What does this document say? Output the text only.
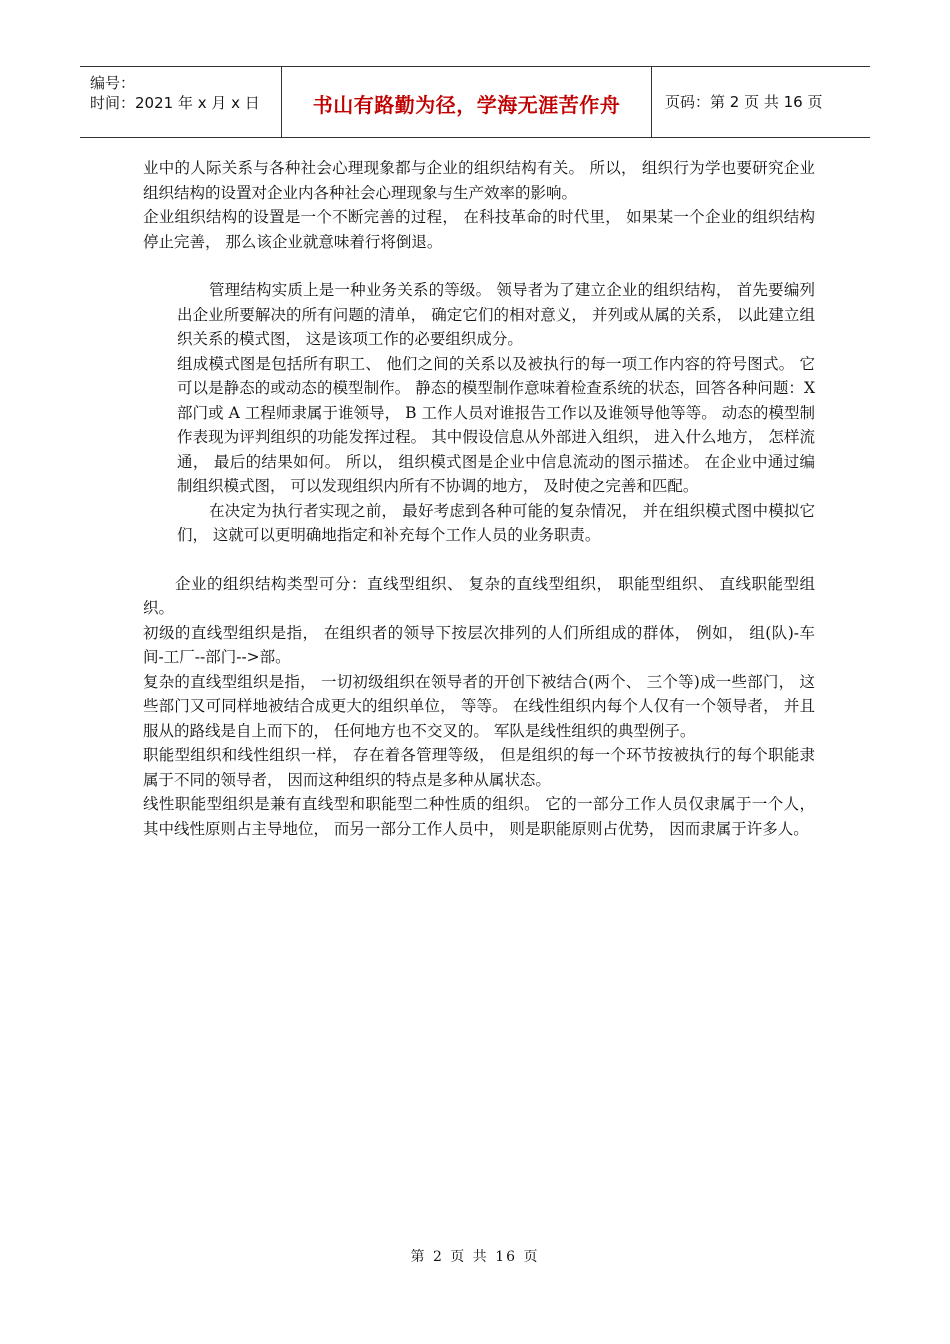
编号：
时间：2021 年 x 月 x 日	书山有路勤为径，学海无涯苦作舟	页码：第 2 页 共 16 页

业中的人际关系与各种社会心理现象都与企业的组织结构有关。 所以， 组织行为学也要研究企业组织结构的设置对企业内各种社会心理现象与生产效率的影响。

企业组织结构的设置是一个不断完善的过程， 在科技革命的时代里， 如果某一个企业的组织结构停止完善， 那么该企业就意味着行将倒退。

管理结构实质上是一种业务关系的等级。 领导者为了建立企业的组织结构， 首先要编列出企业所要解决的所有问题的清单， 确定它们的相对意义， 并列或从属的关系， 以此建立组织关系的模式图， 这是该项工作的必要组织成分。

组成模式图是包括所有职工、 他们之间的关系以及被执行的每一项工作内容的符号图式。 它可以是静态的或动态的模型制作。 静态的模型制作意味着检查系统的状态，回答各种问题：X 部门或 A 工程师隶属于谁领导， B 工作人员对谁报告工作以及谁领导他等等。 动态的模型制作表现为评判组织的功能发挥过程。 其中假设信息从外部进入组织， 进入什么地方， 怎样流通， 最后的结果如何。 所以， 组织模式图是企业中信息流动的图示描述。 在企业中通过编制组织模式图， 可以发现组织内所有不协调的地方， 及时使之完善和匹配。

在决定为执行者实现之前， 最好考虑到各种可能的复杂情况， 并在组织模式图中模拟它们， 这就可以更明确地指定和补充每个工作人员的业务职责。

企业的组织结构类型可分：直线型组织、 复杂的直线型组织， 职能型组织、 直线职能型组织。

初级的直线型组织是指， 在组织者的领导下按层次排列的人们所组成的群体， 例如， 组(队)-车间-工厂--部门-->部。

复杂的直线型组织是指， 一切初级组织在领导者的开创下被结合(两个、 三个等)成一些部门， 这些部门又可同样地被结合成更大的组织单位， 等等。 在线性组织内每个人仅有一个领导者， 并且服从的路线是自上而下的， 任何地方也不交叉的。 军队是线性组织的典型例子。

职能型组织和线性组织一样， 存在着各管理等级， 但是组织的每一个环节按被执行的每个职能隶属于不同的领导者， 因而这种组织的特点是多种从属状态。

线性职能型组织是兼有直线型和职能型二种性质的组织。 它的一部分工作人员仅隶属于一个人， 其中线性原则占主导地位， 而另一部分工作人员中， 则是职能原则占优势， 因而隶属于许多人。

第 2 页 共 16 页
